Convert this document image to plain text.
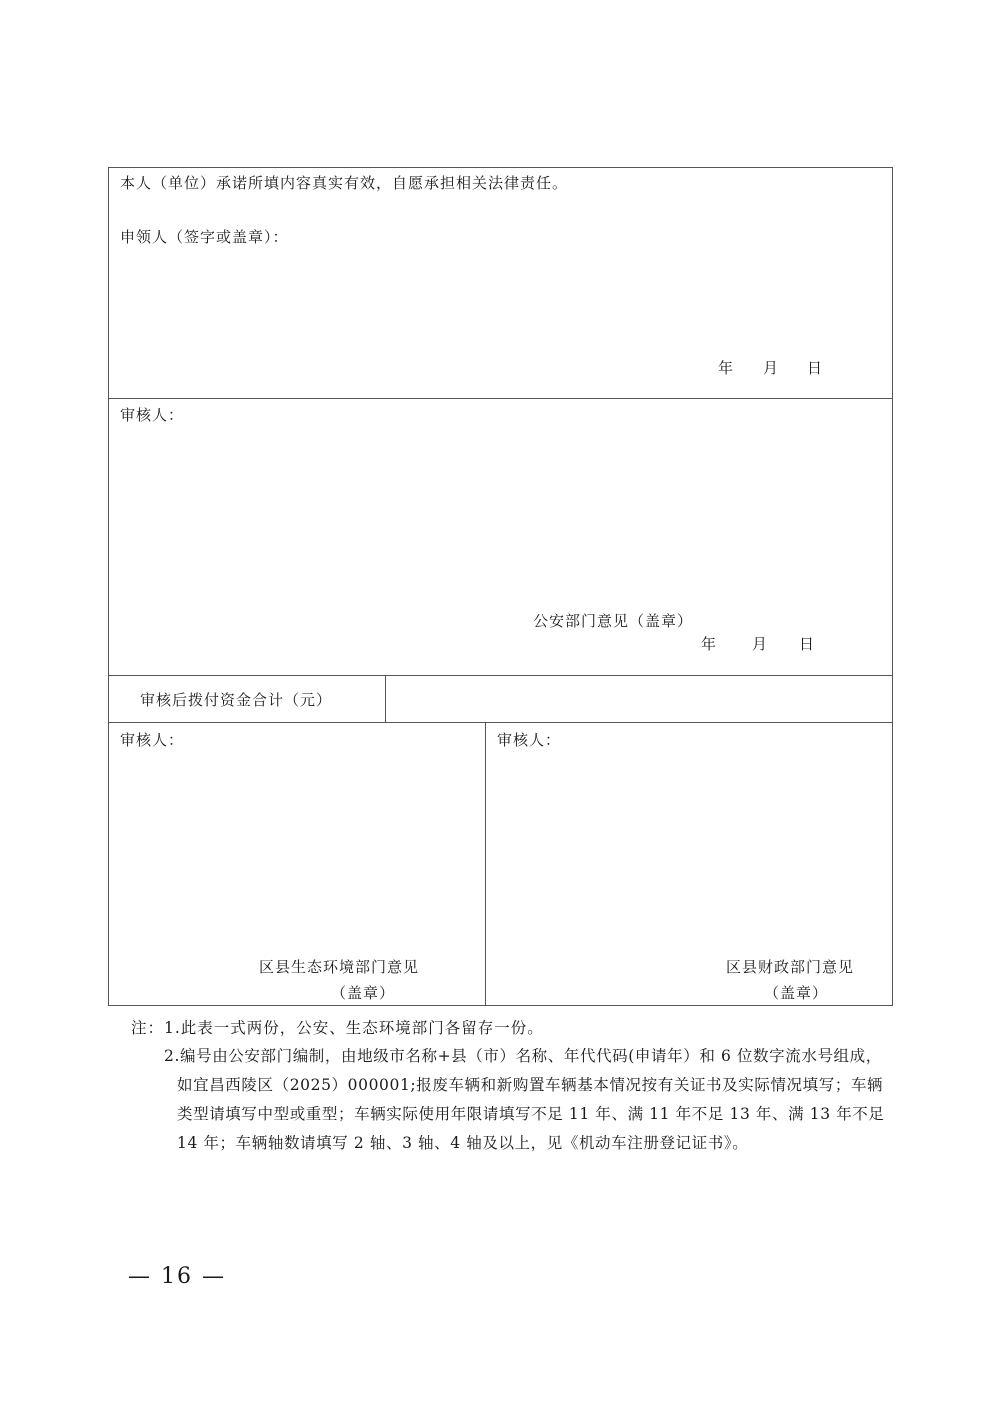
本人（单位）承诺所填内容真实有效，自愿承担相关法律责任。
申领人（签字或盖章）：
年 月 日
审核人：
公安部门意见（盖章）
年 月 日
审核后拨付资金合计（元）
审核人：
区县生态环境部门意见
（盖章）
审核人：
区县财政部门意见
（盖章）
注： 1.此表一式两份，公安、生态环境部门各留存一份。
2.编号由公安部门编制，由地级市名称+县（市）名称、年代代码(申请年）和 6 位数字流水号组成，如宜昌西陵区（2025）000001;报废车辆和新购置车辆基本情况按有关证书及实际情况填写；车辆类型请填写中型或重型；车辆实际使用年限请填写不足 11 年、满 11 年不足 13 年、满 13 年不足 14 年；车辆轴数请填写 2 轴、3 轴、4 轴及以上，见《机动车注册登记证书》。
— 16 —
